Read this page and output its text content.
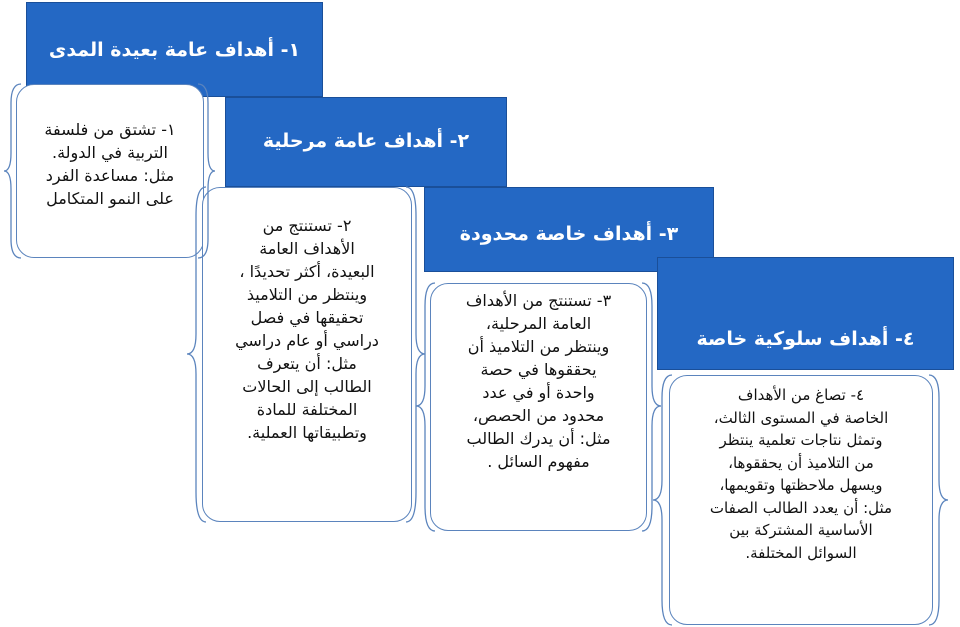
١- أهداف عامة بعيدة المدى
٢- أهداف عامة مرحلية
٣- أهداف خاصة محدودة
٤- أهداف سلوكية خاصة
١- تشتق من فلسفة
التربية في الدولة.
مثل: مساعدة الفرد
على النمو المتكامل
٢- تستنتج من
الأهداف العامة
البعيدة، أكثر تحديدًا ،
وينتظر من التلاميذ
تحقيقها في فصل
دراسي أو عام دراسي
مثل: أن يتعرف
الطالب إلى الحالات
المختلفة للمادة
وتطبيقاتها العملية.
٣- تستنتج من الأهداف
العامة المرحلية،
وينتظر من التلاميذ أن
يحققوها في حصة
واحدة أو في عدد
محدود من الحصص،
مثل: أن يدرك الطالب
مفهوم السائل .
٤- تصاغ من الأهداف
الخاصة في المستوى الثالث،
وتمثل نتاجات تعلمية ينتظر
من التلاميذ أن يحققوها،
ويسهل ملاحظتها وتقويمها،
مثل: أن يعدد الطالب الصفات
الأساسية المشتركة بين
السوائل المختلفة.
